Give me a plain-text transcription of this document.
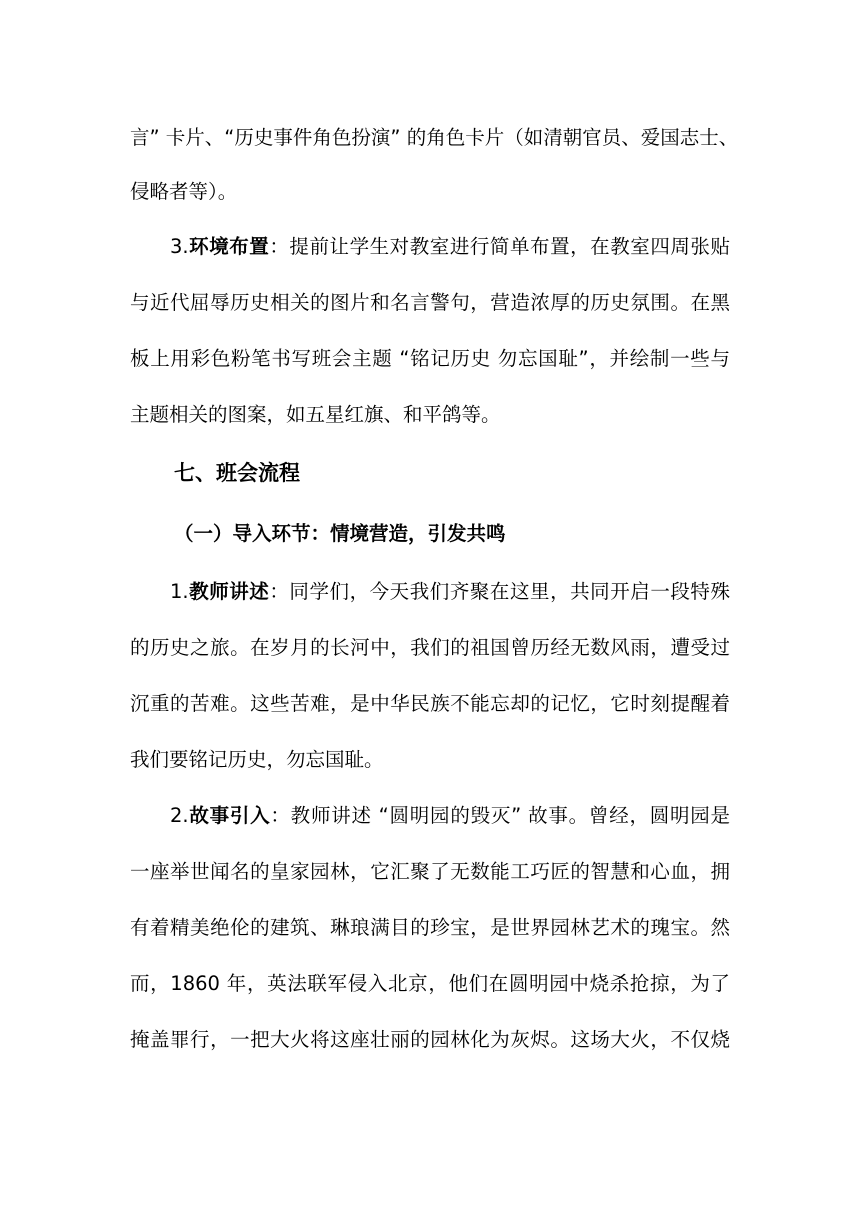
言” 卡片、“历史事件角色扮演” 的角色卡片（如清朝官员、爱国志士、
侵略者等）。
3.环境布置：提前让学生对教室进行简单布置，在教室四周张贴
与近代屈辱历史相关的图片和名言警句，营造浓厚的历史氛围。在黑
板上用彩色粉笔书写班会主题 “铭记历史 勿忘国耻”，并绘制一些与
主题相关的图案，如五星红旗、和平鸽等。
七、班会流程
（一）导入环节：情境营造，引发共鸣
1.教师讲述：同学们，今天我们齐聚在这里，共同开启一段特殊
的历史之旅。在岁月的长河中，我们的祖国曾历经无数风雨，遭受过
沉重的苦难。这些苦难，是中华民族不能忘却的记忆，它时刻提醒着
我们要铭记历史，勿忘国耻。
2.故事引入：教师讲述 “圆明园的毁灭” 故事。曾经，圆明园是
一座举世闻名的皇家园林，它汇聚了无数能工巧匠的智慧和心血，拥
有着精美绝伦的建筑、琳琅满目的珍宝，是世界园林艺术的瑰宝。然
而，1860 年，英法联军侵入北京，他们在圆明园中烧杀抢掠，为了
掩盖罪行，一把大火将这座壮丽的园林化为灰烬。这场大火，不仅烧
